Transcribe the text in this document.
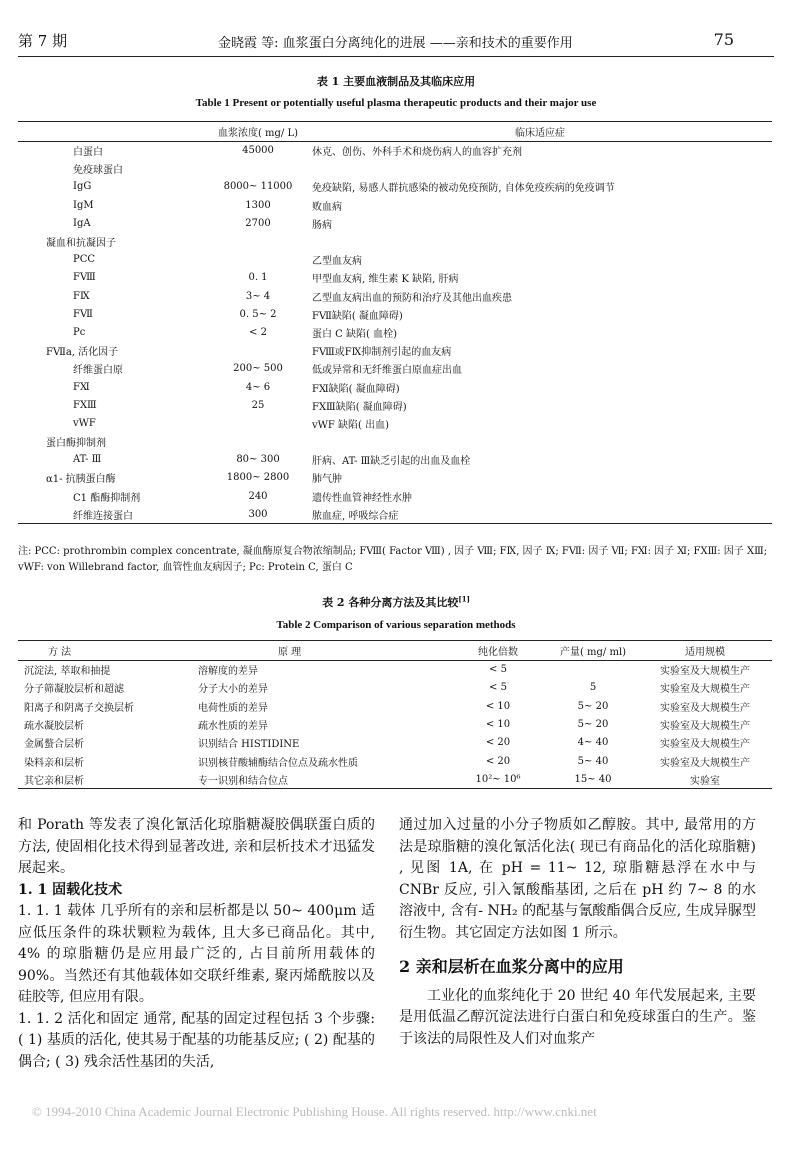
第 7 期	金晓霞 等: 血浆蛋白分离纯化的进展 ——亲和技术的重要作用	75
表 1 主要血液制品及其临床应用
Table 1 Present or potentially useful plasma therapeutic products and their major use
	血浆浓度( mg/ L)	临床适应症
白蛋白	45000	休克、创伤、外科手术和烧伤病人的血容扩充剂
免疫球蛋白		
IgG	8000~ 11000	免疫缺陷, 易感人群抗感染的被动免疫预防, 自体免疫疾病的免疫调节
IgM	1300	败血病
IgA	2700	肠病
凝血和抗凝因子		
PCC		乙型血友病
FⅧ	0. 1	甲型血友病, 维生素 K 缺陷, 肝病
FⅨ	3~ 4	乙型血友病出血的预防和治疗及其他出血疾患
FⅦ	0. 5~ 2	FⅦ缺陷( 凝血障碍)
Pc	< 2	蛋白 C 缺陷( 血栓)
FⅦa, 活化因子		FⅧ或FⅨ抑制剂引起的血友病
纤维蛋白原	200~ 500	低或异常和无纤维蛋白原血症出血
FⅪ	4~ 6	FⅪ缺陷( 凝血障碍)
FⅩⅢ	25	FⅩⅢ缺陷( 凝血障碍)
vWF		vWF 缺陷( 出血)
蛋白酶抑制剂		
AT- Ⅲ	80~ 300	肝病、AT- Ⅲ缺乏引起的出血及血栓
α1- 抗胰蛋白酶	1800~ 2800	肺气肿
C1 酯酶抑制剂	240	遗传性血管神经性水肿
纤维连接蛋白	300	脓血症, 呼吸综合症
注: PCC: prothrombin complex concentrate, 凝血酶原复合物浓缩制品; FⅧ( Factor Ⅷ) , 因子 Ⅷ; FⅨ, 因子 Ⅸ; FⅦ: 因子 Ⅶ; FⅪ: 因子 Ⅺ; FⅩⅢ: 因子 ⅩⅢ; vWF: von Willebrand factor, 血管性血友病因子; Pc: Protein C, 蛋白 C
表 2 各种分离方法及其比较[1]
Table 2 Comparison of various separation methods
方 法	原 理	纯化倍数	产量( mg/ ml)	适用规模
沉淀法, 萃取和抽提	溶解度的差异	< 5		实验室及大规模生产
分子筛凝胶层析和超滤	分子大小的差异	< 5	5	实验室及大规模生产
阳离子和阴离子交换层析	电荷性质的差异	< 10	5~ 20	实验室及大规模生产
疏水凝胶层析	疏水性质的差异	< 10	5~ 20	实验室及大规模生产
金属螯合层析	识别结合 HISTIDINE	< 20	4~ 40	实验室及大规模生产
染料亲和层析	识别核苷酸辅酶结合位点及疏水性质	< 20	5~ 40	实验室及大规模生产
其它亲和层析	专一识别和结合位点	10²~ 10⁶	15~ 40	实验室

和 Porath 等发表了溴化氰活化琼脂糖凝胶偶联蛋白质的方法, 使固相化技术得到显著改进, 亲和层析技术才迅猛发展起来。

1. 1 固载化技术

1. 1. 1 载体 几乎所有的亲和层析都是以 50~ 400μm 适应低压条件的珠状颗粒为载体, 且大多已商品化。其中, 4% 的琼脂糖仍是应用最广泛的, 占目前所用载体的 90%。当然还有其他载体如交联纤维素, 聚丙烯酰胺以及硅胶等, 但应用有限。

1. 1. 2 活化和固定 通常, 配基的固定过程包括 3 个步骤: ( 1) 基质的活化, 使其易于配基的功能基反应; ( 2) 配基的偶合; ( 3) 残余活性基团的失活,

通过加入过量的小分子物质如乙醇胺。其中, 最常用的方法是琼脂糖的溴化氰活化法( 现已有商品化的活化琼脂糖) , 见图 1A, 在 pH = 11~ 12, 琼脂糖悬浮在水中与 CNBr 反应, 引入氰酸酯基团, 之后在 pH 约 7~ 8 的水溶液中, 含有- NH₂ 的配基与氰酸酯偶合反应, 生成异脲型衍生物。其它固定方法如图 1 所示。

2 亲和层析在血浆分离中的应用

工业化的血浆纯化于 20 世纪 40 年代发展起来, 主要是用低温乙醇沉淀法进行白蛋白和免疫球蛋白的生产。鉴于该法的局限性及人们对血浆产

© 1994-2010 China Academic Journal Electronic Publishing House. All rights reserved. http://www.cnki.net
